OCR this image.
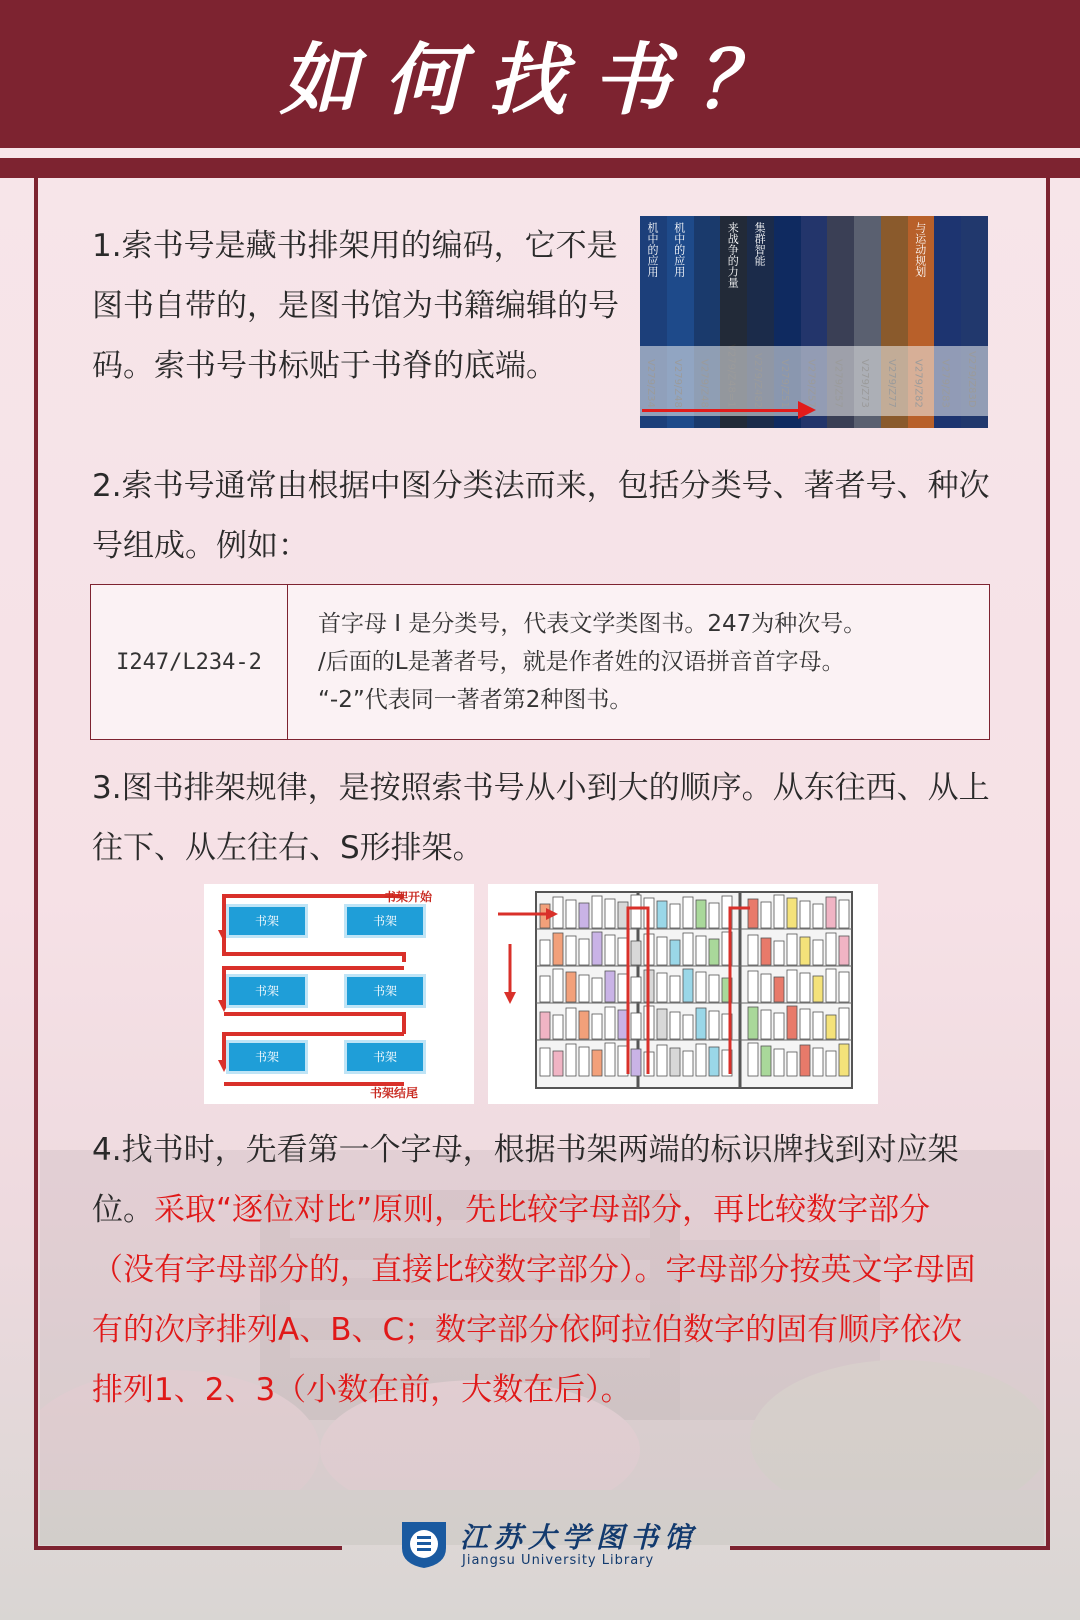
如何找书？
1.索书号是藏书排架用的编码，它不是图书自带的，是图书馆为书籍编辑的号码。索书号书标贴于书脊的底端。
机中的应用 机中的应用	来战争的力量 集群智能	与运动规划
2.索书号通常由根据中图分类法而来，包括分类号、著者号、种次号组成。例如：
I247/L234-2	
首字母 I 是分类号，代表文学类图书。247为种次号。
/后面的L是著者号，就是作者姓的汉语拼音首字母。
“-2”代表同一著者第2种图书。
3.图书排架规律，是按照索书号从小到大的顺序。从东往西、从上往下、从左往右、S形排架。
书架开始
书架结尾
书架	书架
书架	书架
书架	书架
4.找书时，先看第一个字母，根据书架两端的标识牌找到对应架位。采取“逐位对比”原则，先比较字母部分，再比较数字部分（没有字母部分的，直接比较数字部分）。字母部分按英文字母固有的次序排列A、B、C；数字部分依阿拉伯数字的固有顺序依次排列1、2、3（小数在前，大数在后）。
江苏大学图书馆
Jiangsu University Library
